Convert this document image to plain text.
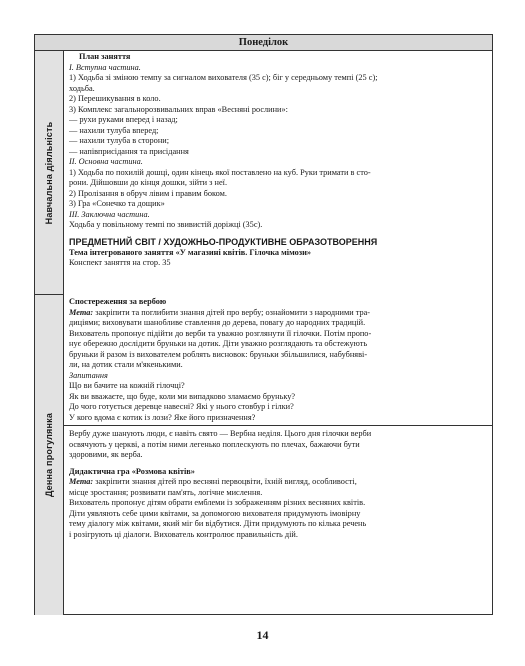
Понеділок
Навчальна діяльність
Денна прогулянка
План заняття
I. Вступна частина.
1) Ходьба зі зміною темпу за сигналом вихователя (35 с); біг у середньому темпі (25 с);
ходьба.
2) Перешикування в коло.
3) Комплекс загальнорозвивальних вправ «Весняні рослини»:
— рухи руками вперед і назад;
— нахили тулуба вперед;
— нахили тулуба в сторони;
— напівприсідання та присідання
II. Основна частина.
1) Ходьба по похилій дошці, один кінець якої поставлено на куб. Руки тримати в сто-
рони. Дійшовши до кінця дошки, зійти з неї.
2) Пролізання в обруч лівим і правим боком.
3) Гра «Сонечко та дощик»
III. Заключна частина.
Ходьба у повільному темпі по звивистій доріжці (35с).
ПРЕДМЕТНИЙ СВІТ / ХУДОЖНЬО-ПРОДУКТИВНЕ ОБРАЗОТВОРЕННЯ
Тема інтегрованого заняття «У магазині квітів. Гілочка мімози»
Конспект заняття на стор. 35
Спостереження за вербою
Мета: закріпити та поглибити знання дітей про вербу; ознайомити з народними тра-
диціями; виховувати шанобливе ставлення до дерева, повагу до народних традицій.
Вихователь пропонує підійти до верби та уважно розглянути її гілочки. Потім пропо-
нує обережно дослідити бруньки на дотик. Діти уважно розглядають та обстежують
бруньки й разом із вихователем роблять висновок: бруньки збільшилися, набубняві-
ли, на дотик стали м'якенькими.
Запитання
Що ви бачите на кожній гілочці?
Як ви вважаєте, що буде, коли ми випадково зламаємо бруньку?
До чого готується деревце навесні? Які у нього стовбур і гілки?
У кого вдома є котик із лози? Яке його призначення?
Вербу дуже шанують люди, є навіть свято — Вербна неділя. Цього дня гілочки верби
освячують у церкві, а потім ними легенько поплескують по плечах, бажаючи бути
здоровими, як верба.
Дидактична гра «Розмова квітів»
Мета: закріпити знання дітей про весняні первоцвіти, їхній вигляд, особливості,
місце зростання; розвивати пам'ять, логічне мислення.
Вихователь пропонує дітям обрати емблеми із зображенням різних весняних квітів.
Діти уявляють себе цими квітами, за допомогою вихователя придумують імовірну
тему діалогу між квітами, який міг би відбутися. Діти придумують по кілька речень
і розігрують ці діалоги. Вихователь контролює правильність дій.
14
